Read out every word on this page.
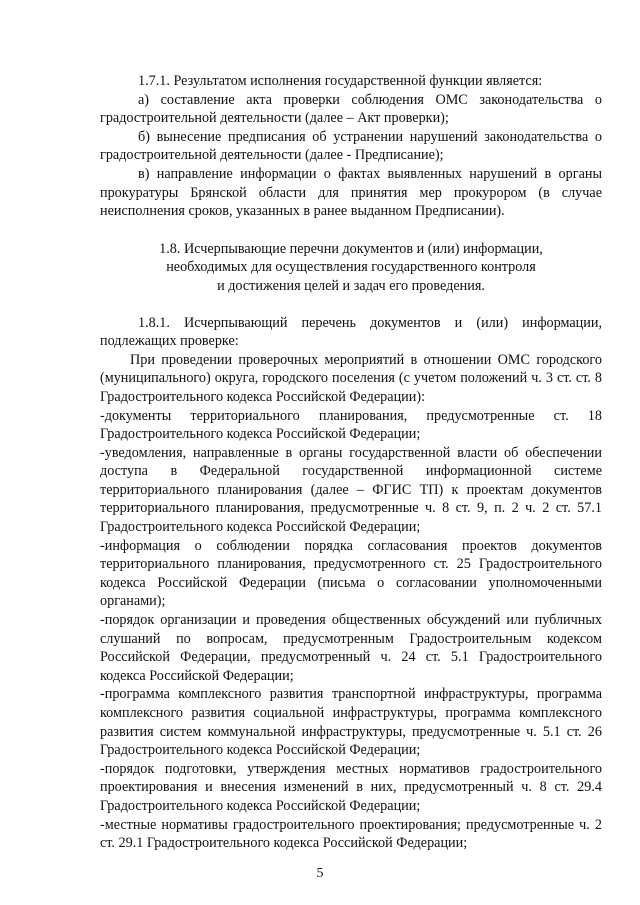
1.7.1. Результатом исполнения государственной функции является:

а) составление акта проверки соблюдения ОМС законодательства о градостроительной деятельности (далее – Акт проверки);

б) вынесение предписания об устранении нарушений законодательства о градостроительной деятельности (далее - Предписание);

в) направление информации о фактах выявленных нарушений в органы прокуратуры Брянской области для принятия мер прокурором (в случае неисполнения сроков, указанных в ранее выданном Предписании).

1.8. Исчерпывающие перечни документов и (или) информации,

необходимых для осуществления государственного контроля

и достижения целей и задач его проведения.

1.8.1. Исчерпывающий перечень документов и (или) информации, подлежащих проверке:

При проведении проверочных мероприятий в отношении ОМС городского (муниципального) округа, городского поселения (с учетом положений ч. 3 ст. ст. 8 Градостроительного кодекса Российской Федерации):

-документы территориального планирования, предусмотренные ст. 18 Градостроительного кодекса Российской Федерации;

-уведомления, направленные в органы государственной власти об обеспечении доступа в Федеральной государственной информационной системе территориального планирования (далее – ФГИС ТП) к проектам документов территориального планирования, предусмотренные ч. 8 ст. 9, п. 2 ч. 2 ст. 57.1 Градостроительного кодекса Российской Федерации;

-информация о соблюдении порядка согласования проектов документов территориального планирования, предусмотренного ст. 25 Градостроительного кодекса Российской Федерации (письма о согласовании уполномоченными органами);

-порядок организации и проведения общественных обсуждений или публичных слушаний по вопросам, предусмотренным Градостроительным кодексом Российской Федерации, предусмотренный ч. 24 ст. 5.1 Градостроительного кодекса Российской Федерации;

-программа комплексного развития транспортной инфраструктуры, программа комплексного развития социальной инфраструктуры, программа комплексного развития систем коммунальной инфраструктуры, предусмотренные ч. 5.1 ст. 26 Градостроительного кодекса Российской Федерации;

-порядок подготовки, утверждения местных нормативов градостроительного проектирования и внесения изменений в них, предусмотренный ч. 8 ст. 29.4 Градостроительного кодекса Российской Федерации;

-местные нормативы градостроительного проектирования; предусмотренные ч. 2 ст. 29.1 Градостроительного кодекса Российской Федерации;

5
